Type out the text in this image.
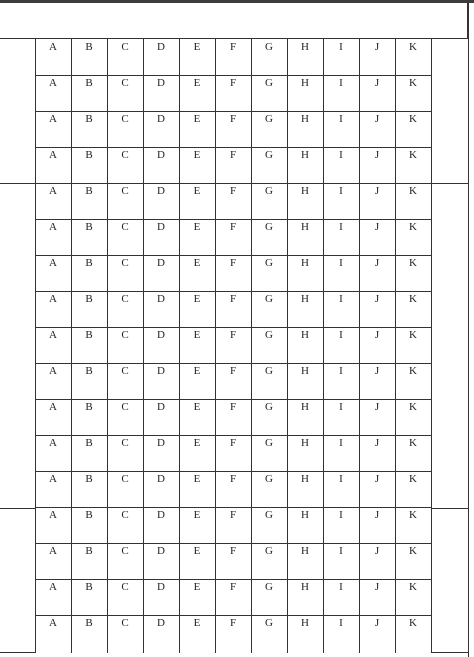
A	B	C	D	E	F	G	H	I	J	K
A	B	C	D	E	F	G	H	I	J	K
A	B	C	D	E	F	G	H	I	J	K
A	B	C	D	E	F	G	H	I	J	K
A	B	C	D	E	F	G	H	I	J	K
A	B	C	D	E	F	G	H	I	J	K
A	B	C	D	E	F	G	H	I	J	K
A	B	C	D	E	F	G	H	I	J	K
A	B	C	D	E	F	G	H	I	J	K
A	B	C	D	E	F	G	H	I	J	K
A	B	C	D	E	F	G	H	I	J	K
A	B	C	D	E	F	G	H	I	J	K
A	B	C	D	E	F	G	H	I	J	K
A	B	C	D	E	F	G	H	I	J	K
A	B	C	D	E	F	G	H	I	J	K
A	B	C	D	E	F	G	H	I	J	K
A	B	C	D	E	F	G	H	I	J	K
